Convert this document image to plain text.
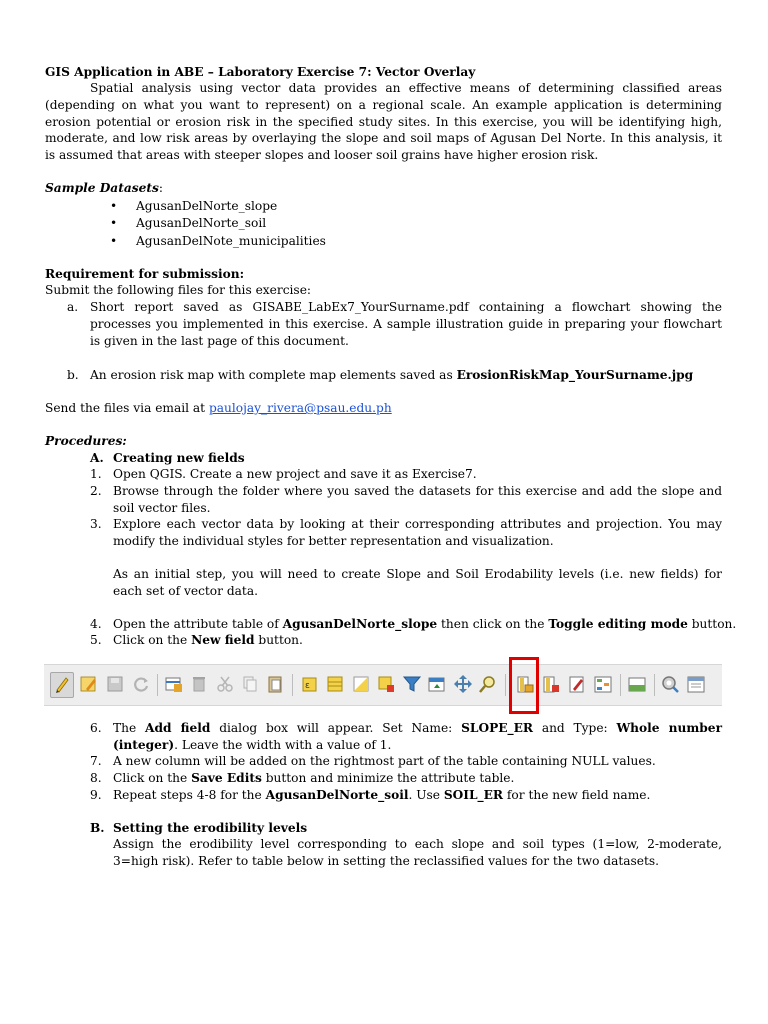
GIS Application in ABE – Laboratory Exercise 7: Vector Overlay
Spatial analysis using vector data provides an effective means of determining classified areas (depending on what you want to represent) on a regional scale. An example application is determining erosion potential or erosion risk in the specified study sites. In this exercise, you will be identifying high, moderate, and low risk areas by overlaying the slope and soil maps of Agusan Del Norte. In this analysis, it is assumed that areas with steeper slopes and looser soil grains have higher erosion risk.
Sample Datasets:
•	AgusanDelNorte_slope
•	AgusanDelNorte_soil
•	AgusanDelNote_municipalities
Requirement for submission:
Submit the following files for this exercise:
a. Short report saved as GISABE_LabEx7_YourSurname.pdf containing a flowchart showing the processes you implemented in this exercise. A sample illustration guide in preparing your flowchart is given in the last page of this document.
b. An erosion risk map with complete map elements saved as ErosionRiskMap_YourSurname.jpg
Send the files via email at paulojay_rivera@psau.edu.ph
Procedures:
A. Creating new fields
1. Open QGIS. Create a new project and save it as Exercise7.
2. Browse through the folder where you saved the datasets for this exercise and add the slope and soil vector files.
3. Explore each vector data by looking at their corresponding attributes and projection. You may modify the individual styles for better representation and visualization.
As an initial step, you will need to create Slope and Soil Erodability levels (i.e. new fields) for each set of vector data.
4. Open the attribute table of AgusanDelNorte_slope then click on the Toggle editing mode button.
5. Click on the New field button.
ε
6. The Add field dialog box will appear. Set Name: SLOPE_ER and Type: Whole number (integer). Leave the width with a value of 1.
7. A new column will be added on the rightmost part of the table containing NULL values.
8. Click on the Save Edits button and minimize the attribute table.
9. Repeat steps 4-8 for the AgusanDelNorte_soil. Use SOIL_ER for the new field name.
B. Setting the erodibility levels
Assign the erodibility level corresponding to each slope and soil types (1=low, 2-moderate, 3=high risk). Refer to table below in setting the reclassified values for the two datasets.
